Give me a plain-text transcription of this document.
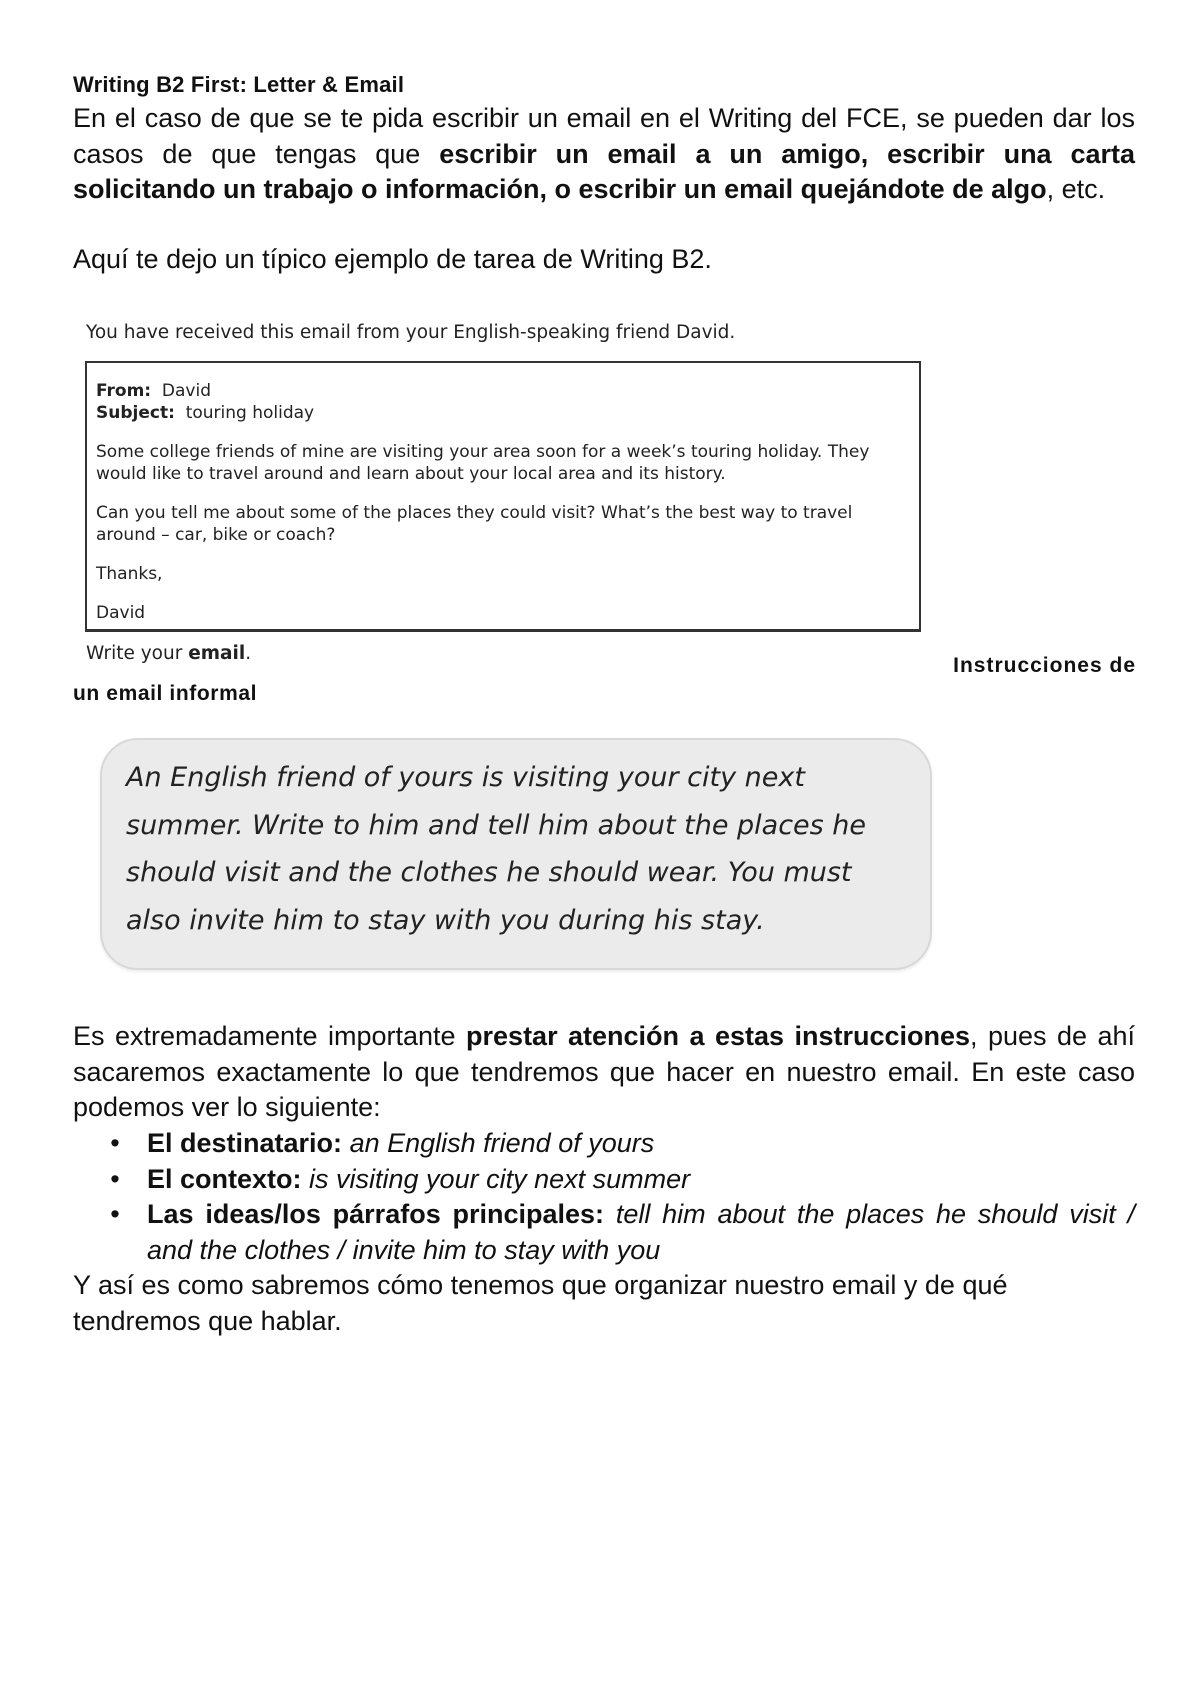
Writing B2 First: Letter & Email

En el caso de que se te pida escribir un email en el Writing del FCE, se pueden dar los casos de que tengas que escribir un email a un amigo, escribir una carta solicitando un trabajo o información, o escribir un email quejándote de algo, etc.

Aquí te dejo un típico ejemplo de tarea de Writing B2.

You have received this email from your English-speaking friend David.

From: David

Subject: touring holiday

Some college friends of mine are visiting your area soon for a week’s touring holiday. They would like to travel around and learn about your local area and its history.

Can you tell me about some of the places they could visit? What’s the best way to travel around – car, bike or coach?

Thanks,

David

Write your email.
Instrucciones de
un email informal
An English friend of yours is visiting your city next summer. Write to him and tell him about the places he should visit and the clothes he should wear. You must also invite him to stay with you during his stay.

Es extremadamente importante prestar atención a estas instrucciones, pues de ahí sacaremos exactamente lo que tendremos que hacer en nuestro email. En este caso podemos ver lo siguiente:

• El destinatario: an English friend of yours
• El contexto: is visiting your city next summer
• Las ideas/los párrafos principales: tell him about the places he should visit / and the clothes / invite him to stay with you

Y así es como sabremos cómo tenemos que organizar nuestro email y de qué tendremos que hablar.
